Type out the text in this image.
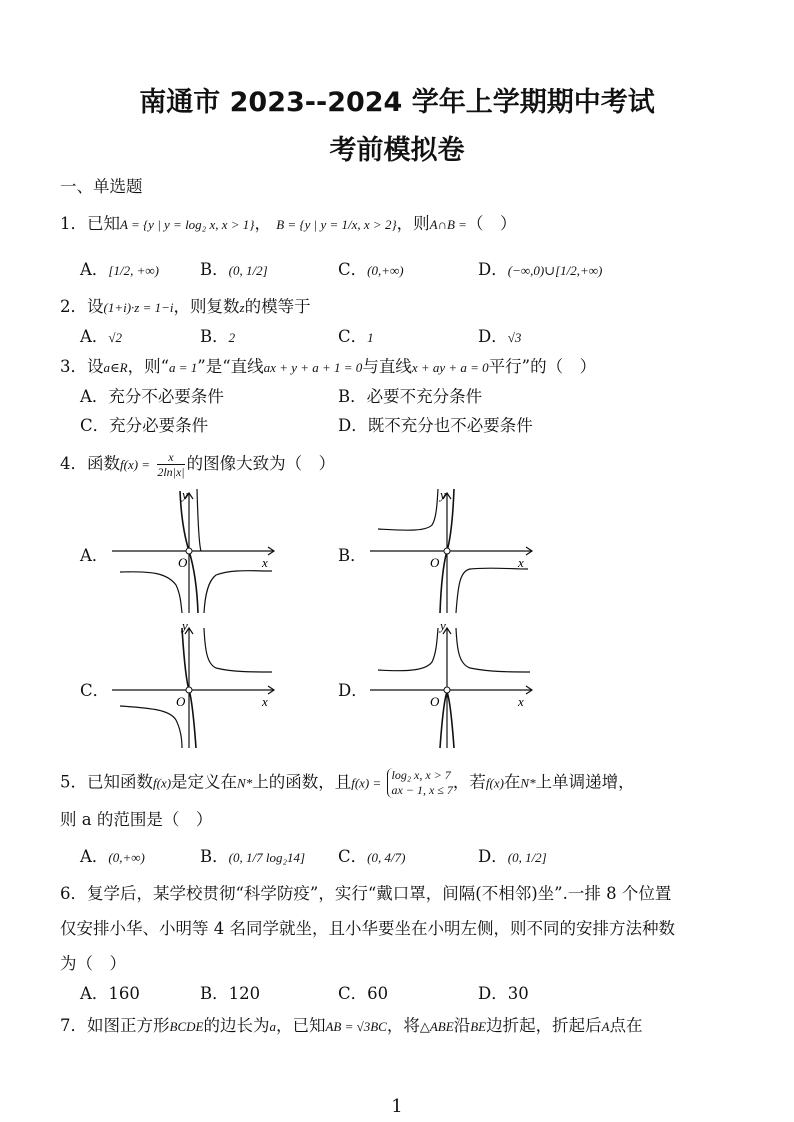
南通市 2023--2024 学年上学期期中考试
考前模拟卷
一、单选题
1．已知A = {y | y = log₂ x, x > 1}， B = {y | y = 1/x, x > 2}，则A∩B =（　）
A．[1/2, +∞) B．(0, 1/2]	C．(0,+∞)	D．(−∞,0)∪[1/2,+∞)
2．设(1+i)·z = 1−i，则复数z的模等于
A．√2	B．2	C．1	D．√3
3．设a∈R，则“a = 1”是“直线ax + y + a + 1 = 0与直线x + ay + a = 0平行”的（　）
A．充分不必要条件	B．必要不充分条件
C．充分必要条件	D．既不充分也不必要条件
4．函数$f(x) = \frac{x}{2\ln|x|}$ 的图像大致为（　）
A．	B．
C．	D．
y
x
O
y
x
O
y
x
O
y
x
O
5．已知函数f(x)是定义在N*上的函数，且f(x) =
log₂ x, x > 7
ax − 1, x ≤ 7 ，若f(x)在N*上单调递增，
则 a 的范围是（　）
A．(0,+∞)	B．(0, 1/7 log₂14] C．(0, 4/7)	D．(0, 1/2]
6．复学后，某学校贯彻“科学防疫”，实行“戴口罩，间隔(不相邻)坐”.一排 8 个位置
仅安排小华、小明等 4 名同学就坐，且小华要坐在小明左侧，则不同的安排方法种数
为（　）
A．160	B．120	C．60	D．30
7．如图正方形BCDE的边长为a，已知AB = √3BC，将△ABE沿BE边折起，折起后A点在
1
